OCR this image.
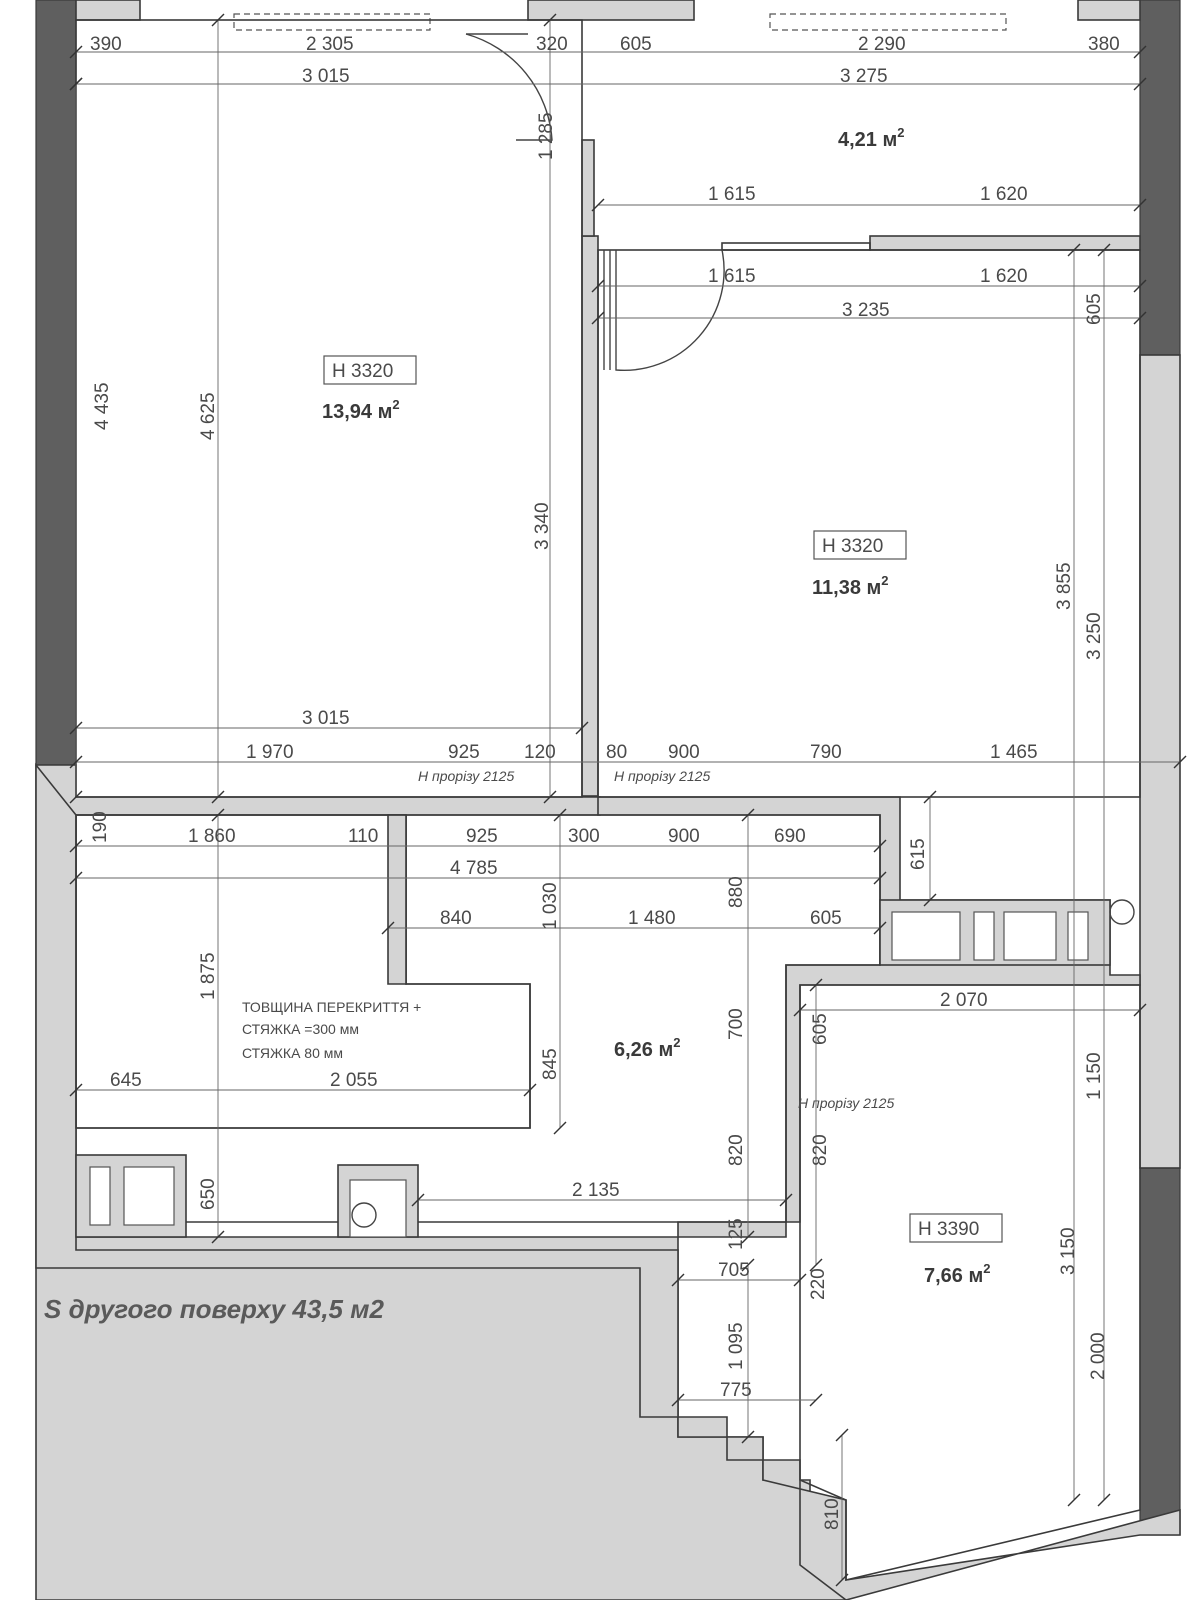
390	2 305	320	605	2 290	380
3 015	3 275
1 285
1 615	1 620
1 615	1 620
3 235	605
4 435	4 625
3 340
3 855
3 250
3 015
1 970	925 120	80 900	790	1 465
190	1 860	110	925	300	900	690
615
4 785
1 030	880
840	1 480	605
1 875
2 070
700	605
845	1 150
645	2 055
820	820
650	2 135
125	3 150
705	220
1 095	2 000
775
810
H 3320
H 3320
H 3390
13,94 $м^2$
11,38 $м^2$
4,21 $м^2$
6,26 $м^2$
7,66 $м^2$
ТОВЩИНА ПЕРЕКРИТТЯ +
СТЯЖКА =300 мм
СТЯЖКА 80 мм
H прорізу 2125	H прорізу 2125
H прорізу 2125
S другого поверху 43,5 м2
